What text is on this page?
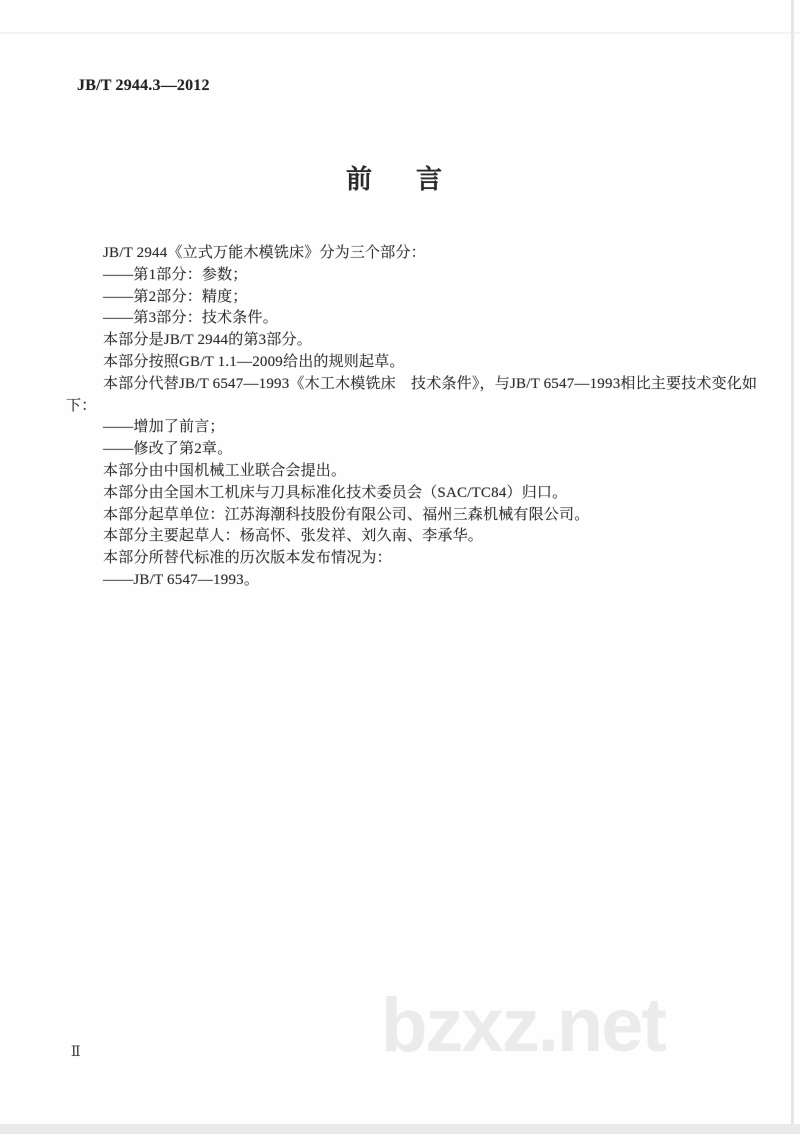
JB/T 2944.3—2012
前 言
JB/T 2944《立式万能木模铣床》分为三个部分：
——第1部分：参数；
——第2部分：精度；
——第3部分：技术条件。
本部分是JB/T 2944的第3部分。
本部分按照GB/T 1.1—2009给出的规则起草。
本部分代替JB/T 6547—1993《木工木模铣床　技术条件》，与JB/T 6547—1993相比主要技术变化如
下：
——增加了前言；
——修改了第2章。
本部分由中国机械工业联合会提出。
本部分由全国木工机床与刀具标准化技术委员会（SAC/TC84）归口。
本部分起草单位：江苏海潮科技股份有限公司、福州三森机械有限公司。
本部分主要起草人：杨高怀、张发祥、刘久南、李承华。
本部分所替代标准的历次版本发布情况为：
——JB/T 6547—1993。
bzxz.net
Ⅱ
